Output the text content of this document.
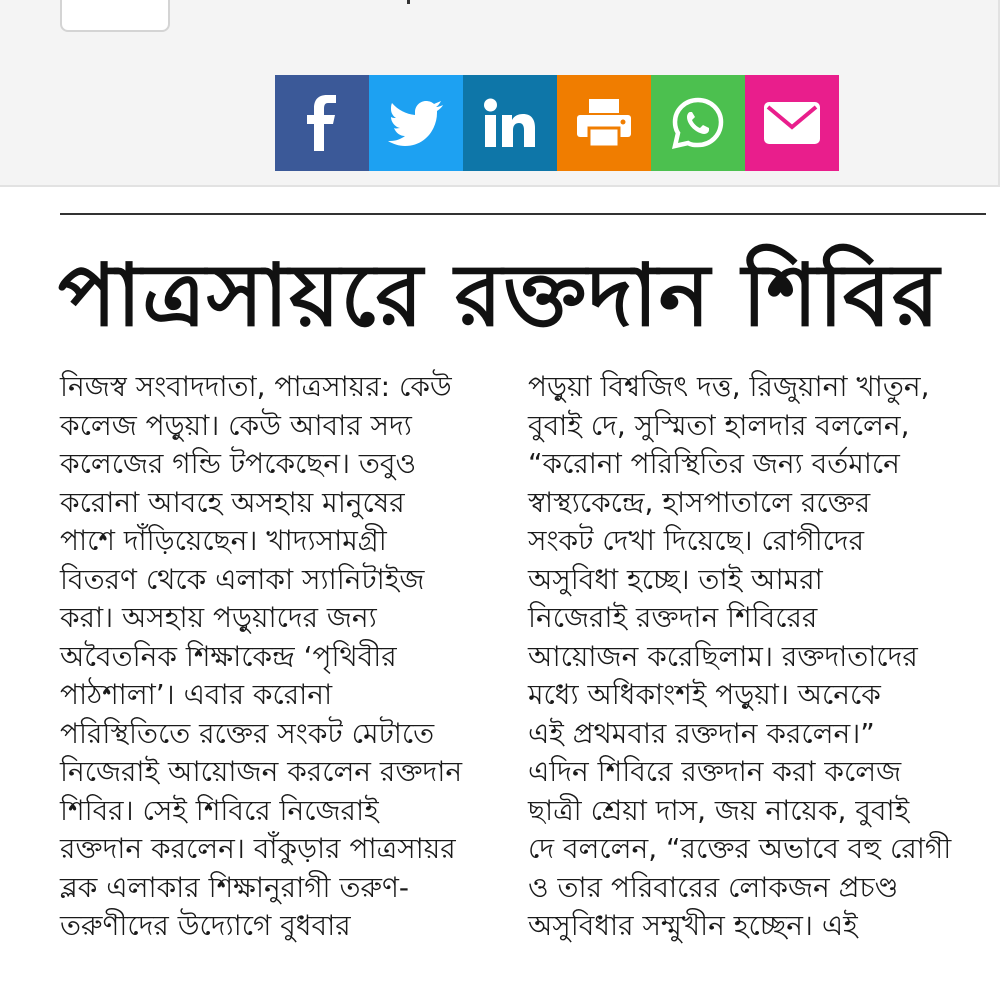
পাত্রসায়রে রক্তদান শিবির
নিজস্ব সংবাদদাতা, পাত্রসায়র: কেউ
কলেজ পড়ুয়া। কেউ আবার সদ্য
কলেজের গন্ডি টপকেছেন। তবুও
করোনা আবহে অসহায় মানুষের
পাশে দাঁড়িয়েছেন। খাদ্যসামগ্রী
বিতরণ থেকে এলাকা স্যানিটাইজ
করা। অসহায় পড়ুয়াদের জন্য
অবৈতনিক শিক্ষাকেন্দ্র ‘পৃথিবীর
পাঠশালা’। এবার করোনা
পরিস্থিতিতে রক্তের সংকট মেটাতে
নিজেরাই আয়োজন করলেন রক্তদান
শিবির। সেই শিবিরে নিজেরাই
রক্তদান করলেন। বাঁকুড়ার পাত্রসায়র
ব্লক এলাকার শিক্ষানুরাগী তরুণ-
তরুণীদের উদ্যোগে বুধবার
পড়ুয়া বিশ্বজিৎ দত্ত, রিজুয়ানা খাতুন,
বুবাই দে, সুস্মিতা হালদার বললেন,
“করোনা পরিস্থিতির জন্য বর্তমানে
স্বাস্থ্যকেন্দ্রে, হাসপাতালে রক্তের
সংকট দেখা দিয়েছে। রোগীদের
অসুবিধা হচ্ছে। তাই আমরা
নিজেরাই রক্তদান শিবিরের
আয়োজন করেছিলাম। রক্তদাতাদের
মধ্যে অধিকাংশই পড়ুয়া। অনেকে
এই প্রথমবার রক্তদান করলেন।”
এদিন শিবিরে রক্তদান করা কলেজ
ছাত্রী শ্রেয়া দাস, জয় নায়েক, বুবাই
দে বললেন, “রক্তের অভাবে বহু রোগী
ও তার পরিবারের লোকজন প্রচণ্ড
অসুবিধার সম্মুখীন হচ্ছেন। এই
